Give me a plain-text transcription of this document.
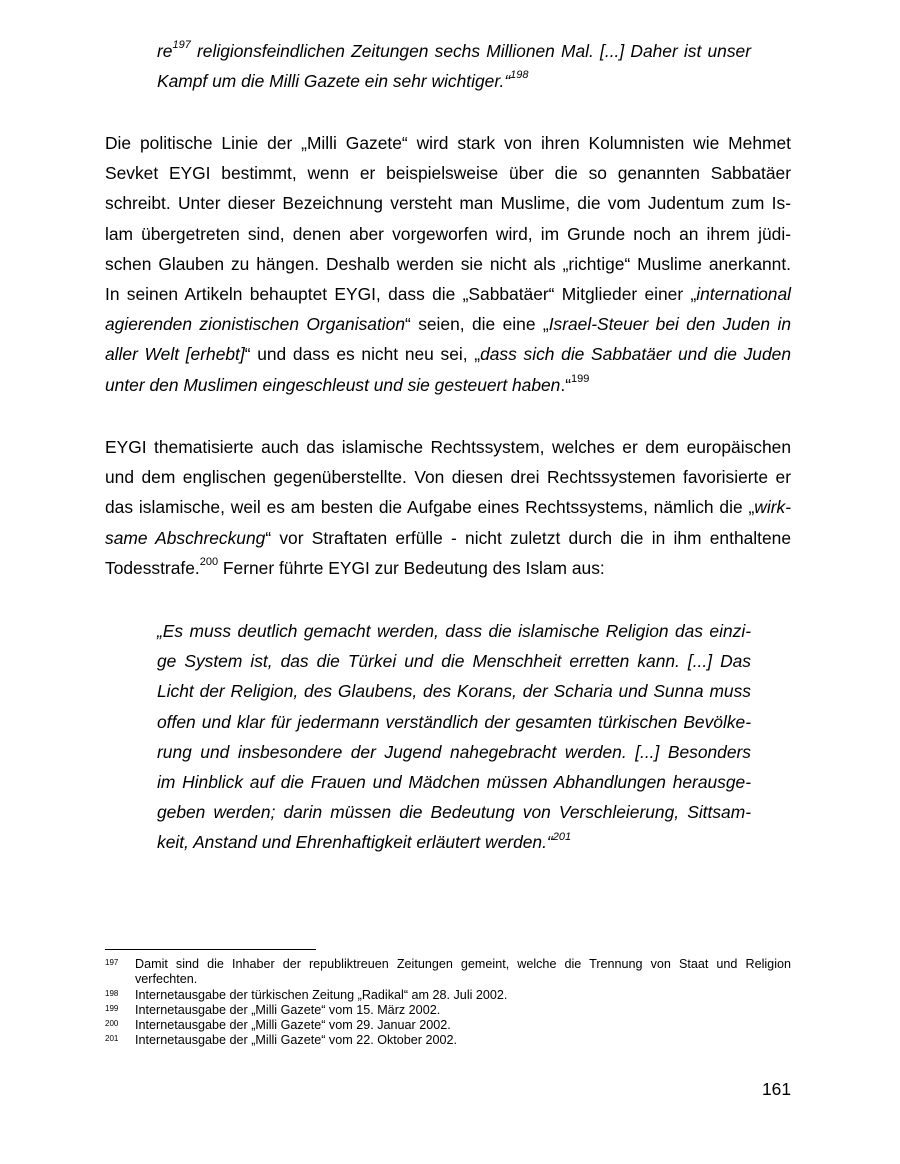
$re^{197}$ religionsfeindlichen Zeitungen sechs Millionen Mal. [...] Daher ist unser
Kampf um die Milli Gazete ein sehr wichtiger.“$^{198}$
Die politische Linie der „Milli Gazete“ wird stark von ihren Kolumnisten wie Mehmet
Sevket EYGI bestimmt, wenn er beispielsweise über die so genannten Sabbatäer
schreibt. Unter dieser Bezeichnung versteht man Muslime, die vom Judentum zum Is-
lam übergetreten sind, denen aber vorgeworfen wird, im Grunde noch an ihrem jüdi-
schen Glauben zu hängen. Deshalb werden sie nicht als „richtige“ Muslime anerkannt.
In seinen Artikeln behauptet EYGI, dass die „Sabbatäer“ Mitglieder einer „international
agierenden zionistischen Organisation“ seien, die eine „Israel-Steuer bei den Juden in
aller Welt [erhebt]“ und dass es nicht neu sei, „dass sich die Sabbatäer und die Juden
unter den Muslimen eingeschleust und sie gesteuert haben.“$^{199}$
EYGI thematisierte auch das islamische Rechtssystem, welches er dem europäischen
und dem englischen gegenüberstellte. Von diesen drei Rechtssystemen favorisierte er
das islamische, weil es am besten die Aufgabe eines Rechtssystems, nämlich die „wirk-
same Abschreckung“ vor Straftaten erfülle - nicht zuletzt durch die in ihm enthaltene
Todesstrafe.$^{200}$ Ferner führte EYGI zur Bedeutung des Islam aus:
„Es muss deutlich gemacht werden, dass die islamische Religion das einzi-
ge System ist, das die Türkei und die Menschheit erretten kann. [...] Das
Licht der Religion, des Glaubens, des Korans, der Scharia und Sunna muss
offen und klar für jedermann verständlich der gesamten türkischen Bevölke-
rung und insbesondere der Jugend nahegebracht werden. [...] Besonders
im Hinblick auf die Frauen und Mädchen müssen Abhandlungen herausge-
geben werden; darin müssen die Bedeutung von Verschleierung, Sittsam-
keit, Anstand und Ehrenhaftigkeit erläutert werden.“$^{201}$
197	Damit sind die Inhaber der republiktreuen Zeitungen gemeint, welche die Trennung von Staat und Religion
verfechten.
198	Internetausgabe der türkischen Zeitung „Radikal“ am 28. Juli 2002.
199	Internetausgabe der „Milli Gazete“ vom 15. März 2002.
200	Internetausgabe der „Milli Gazete“ vom 29. Januar 2002.
201	Internetausgabe der „Milli Gazete“ vom 22. Oktober 2002.
161
